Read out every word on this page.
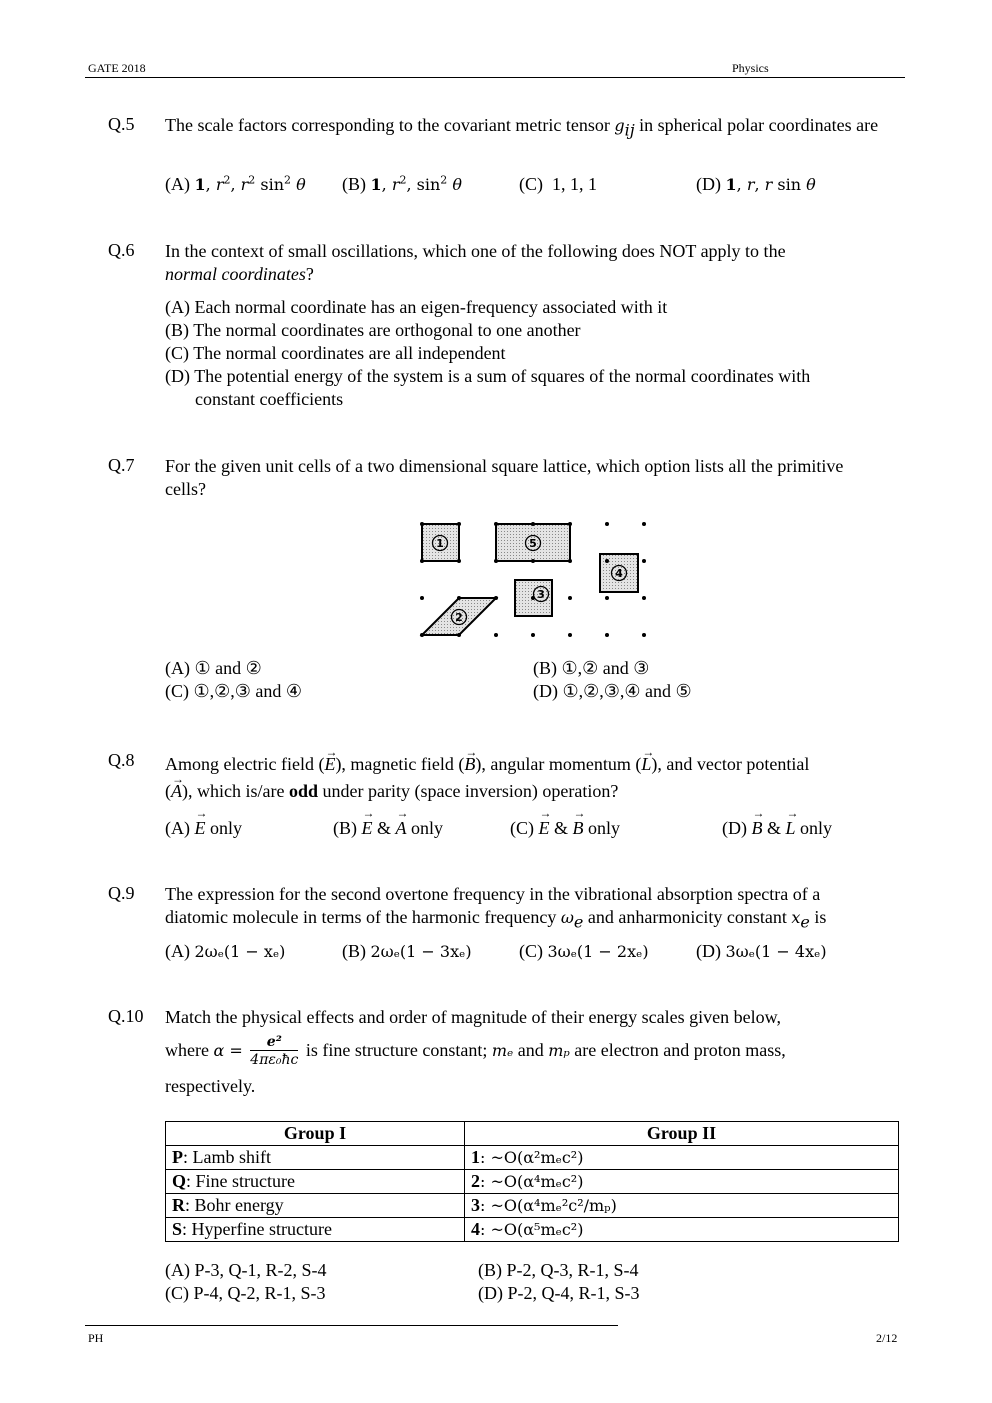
GATE 2018	Physics
Q.5 The scale factors corresponding to the covariant metric tensor $g_{ij}$ in spherical polar coordinates are
(A) 1, $r^2$, $r^2$ $\sin^2 \theta$ (B) 1, $r^2$, $\sin^2 \theta$	(C) 1, 1, 1	(D) 1, r, r sin θ
Q.6 In the context of small oscillations, which one of the following does NOT apply to the
normal coordinates?
(A) Each normal coordinate has an eigen-frequency associated with it
(B) The normal coordinates are orthogonal to one another
(C) The normal coordinates are all independent
(D) The potential energy of the system is a sum of squares of the normal coordinates with
constant coefficients
Q.7 For the given unit cells of a two dimensional square lattice, which option lists all the primitive cells?
1	5
4
3
2
(A) ① and ②	(B) ①,② and ③
(C) ①,②,③ and ④	(D) ①,②,③,④ and ⑤
Q.8 Among electric field (→ E), magnetic field (→ B), angular momentum (→ L), and vector potential
(→ A), which is/are odd under parity (space inversion) operation?
(A) → E only	(B) → E & → A only	(C) → E & → B only	(D) → B & → L only
Q.9 The expression for the second overtone frequency in the vibrational absorption spectra of a
diatomic molecule in terms of the harmonic frequency $\omega_e$ and anharmonicity constant $x_e$ is
(A) 2ωₑ(1 − xₑ)	(B) 2ωₑ(1 − 3xₑ)	(C) 3ωₑ(1 − 2xₑ)	(D) 3ωₑ(1 − 4xₑ)
Q.10 Match the physical effects and order of magnitude of their energy scales given below,
where $\alpha = \frac{\text{e²}}{\text{4πε₀ħc}}$ is fine structure constant; mₑ and mₚ are electron and proton mass,
respectively.
Group I	Group II
P: Lamb shift	1: ~O(α²mₑc²)
Q: Fine structure	2: ~O(α⁴mₑc²)
R: Bohr energy	3: ~O(α⁴mₑ²c²/mₚ)
S: Hyperfine structure	4: ~O(α⁵mₑc²)
(A) P-3, Q-1, R-2, S-4	(B) P-2, Q-3, R-1, S-4
(C) P-4, Q-2, R-1, S-3	(D) P-2, Q-4, R-1, S-3
PH	2/12
